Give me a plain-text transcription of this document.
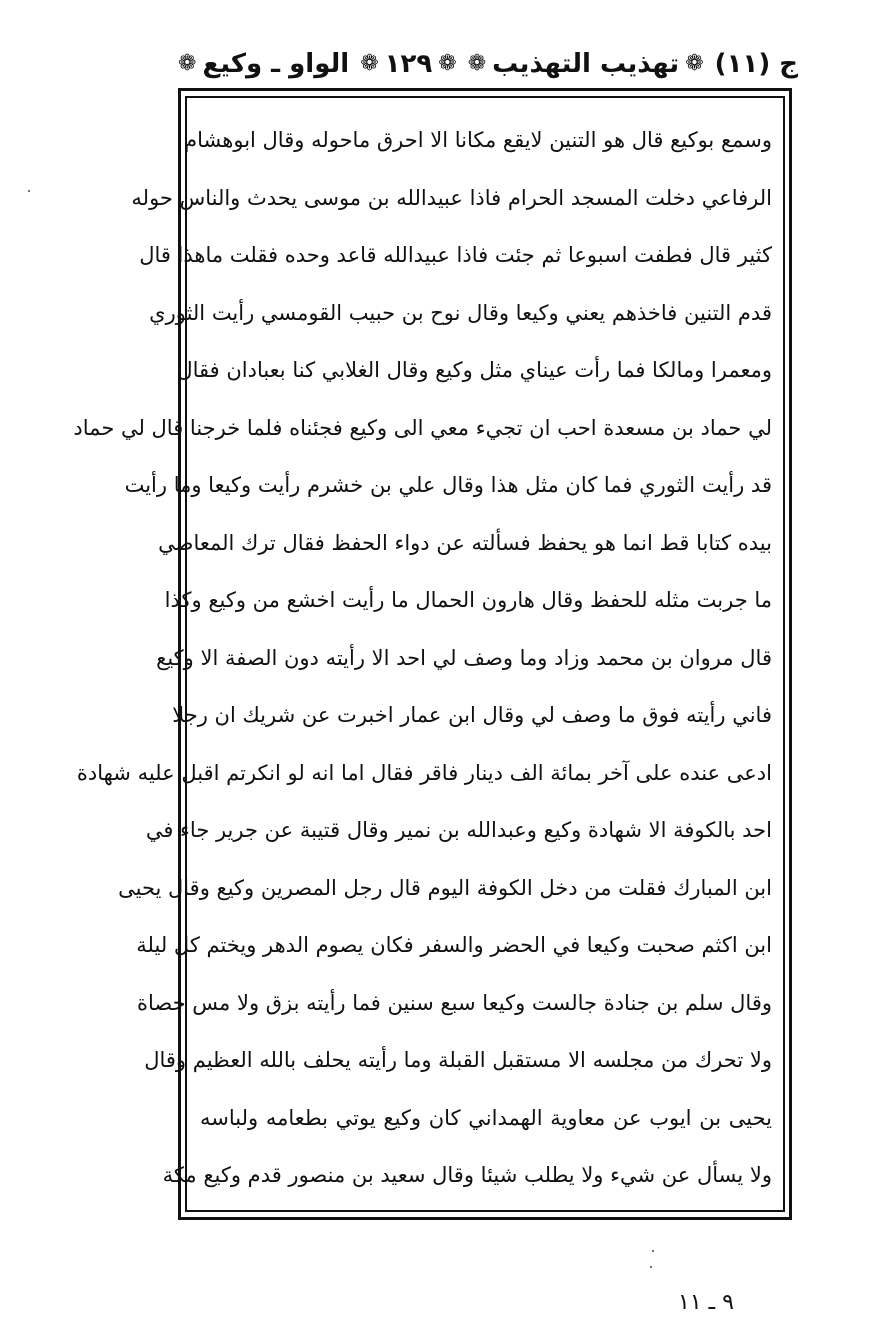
الواو ـ وكيع
❁	❁
١٢٩
❁	❁
تهذيب التهذيب
❁	ج (١١)
وسمع بوكيع قال هو التنين لايقع مكانا الا احرق ماحوله وقال ابوهشام
الرفاعي دخلت المسجد الحرام فاذا عبيدالله بن موسى يحدث والناس حوله
كثير قال فطفت اسبوعا ثم جئت فاذا عبيدالله قاعد وحده فقلت ماهذا قال
قدم التنين فاخذهم يعني وكيعا وقال نوح بن حبيب القومسي رأيت الثوري
ومعمرا ومالكا فما رأت عيناي مثل وكيع وقال الغلابي كنا بعبادان فقال
لي حماد بن مسعدة احب ان تجيء معي الى وكيع فجئناه فلما خرجنا قال لي حماد
قد رأيت الثوري فما كان مثل هذا وقال علي بن خشرم رأيت وكيعا وما رأيت
بيده كتابا قط انما هو يحفظ فسألته عن دواء الحفظ فقال ترك المعاصي
ما جربت مثله للحفظ وقال هارون الحمال ما رأيت اخشع من وكيع وكذا
قال مروان بن محمد وزاد وما وصف لي احد الا رأيته دون الصفة الا وكيع
فاني رأيته فوق ما وصف لي وقال ابن عمار اخبرت عن شريك ان رجلا
ادعى عنده على آخر بمائة الف دينار فاقر فقال اما انه لو انكرتم اقبل عليه شهادة
احد بالكوفة الا شهادة وكيع وعبدالله بن نمير وقال قتيبة عن جرير جاء في
ابن المبارك فقلت من دخل الكوفة اليوم قال رجل المصرين وكيع وقال يحيى
ابن اكثم صحبت وكيعا في الحضر والسفر فكان يصوم الدهر ويختم كل ليلة
وقال سلم بن جنادة جالست وكيعا سبع سنين فما رأيته بزق ولا مس حصاة
ولا تحرك من مجلسه الا مستقبل القبلة وما رأيته يحلف بالله العظيم وقال
يحيى بن ايوب عن معاوية الهمداني كان وكيع يوتي بطعامه ولباسه
ولا يسأل عن شيء ولا يطلب شيئا وقال سعيد بن منصور قدم وكيع مكة
٩ ـ ١١
